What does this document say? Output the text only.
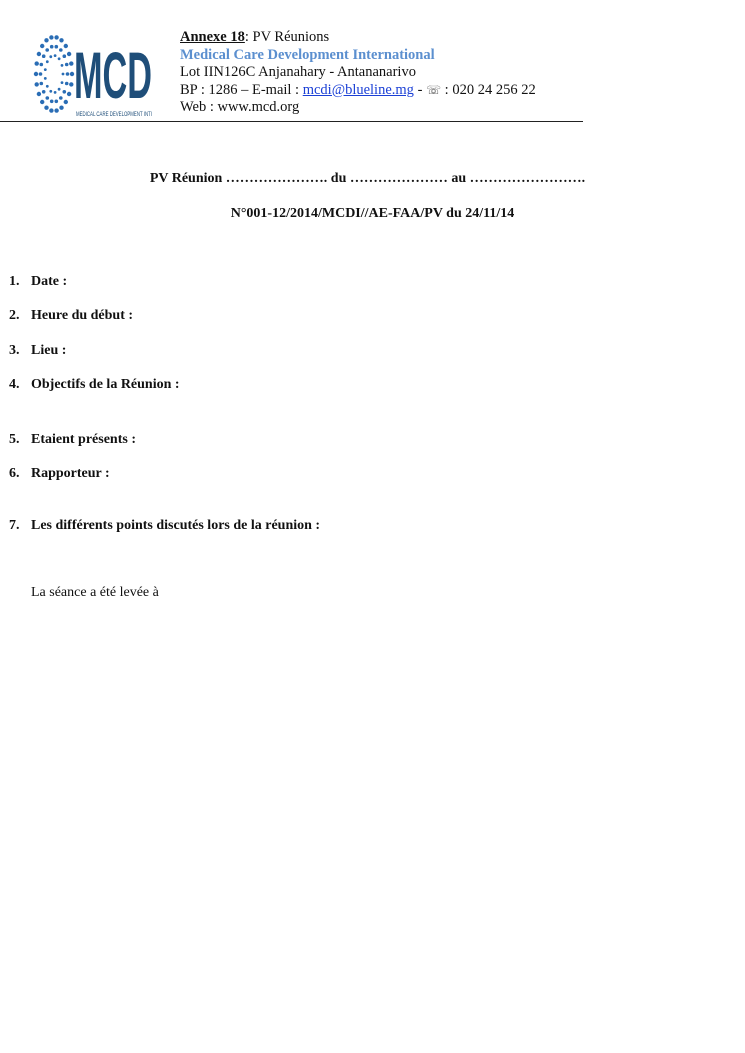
MCD
MEDICAL CARE DEVELOPMENT INTI
Annexe 18: PV Réunions
Medical Care Development International
Lot IIN126C Anjanahary - Antananarivo
BP : 1286 – E-mail : mcdi@blueline.mg - ☏ : 020 24 256 22
Web : www.mcd.org
PV Réunion …………………. du ………………… au …………………….
N°001-12/2014/MCDI//AE-FAA/PV du 24/11/14
1. Date :
2. Heure du début :
3. Lieu :
4. Objectifs de la Réunion :
5. Etaient présents :
6. Rapporteur :
7. Les différents points discutés lors de la réunion :
La séance a été levée à
